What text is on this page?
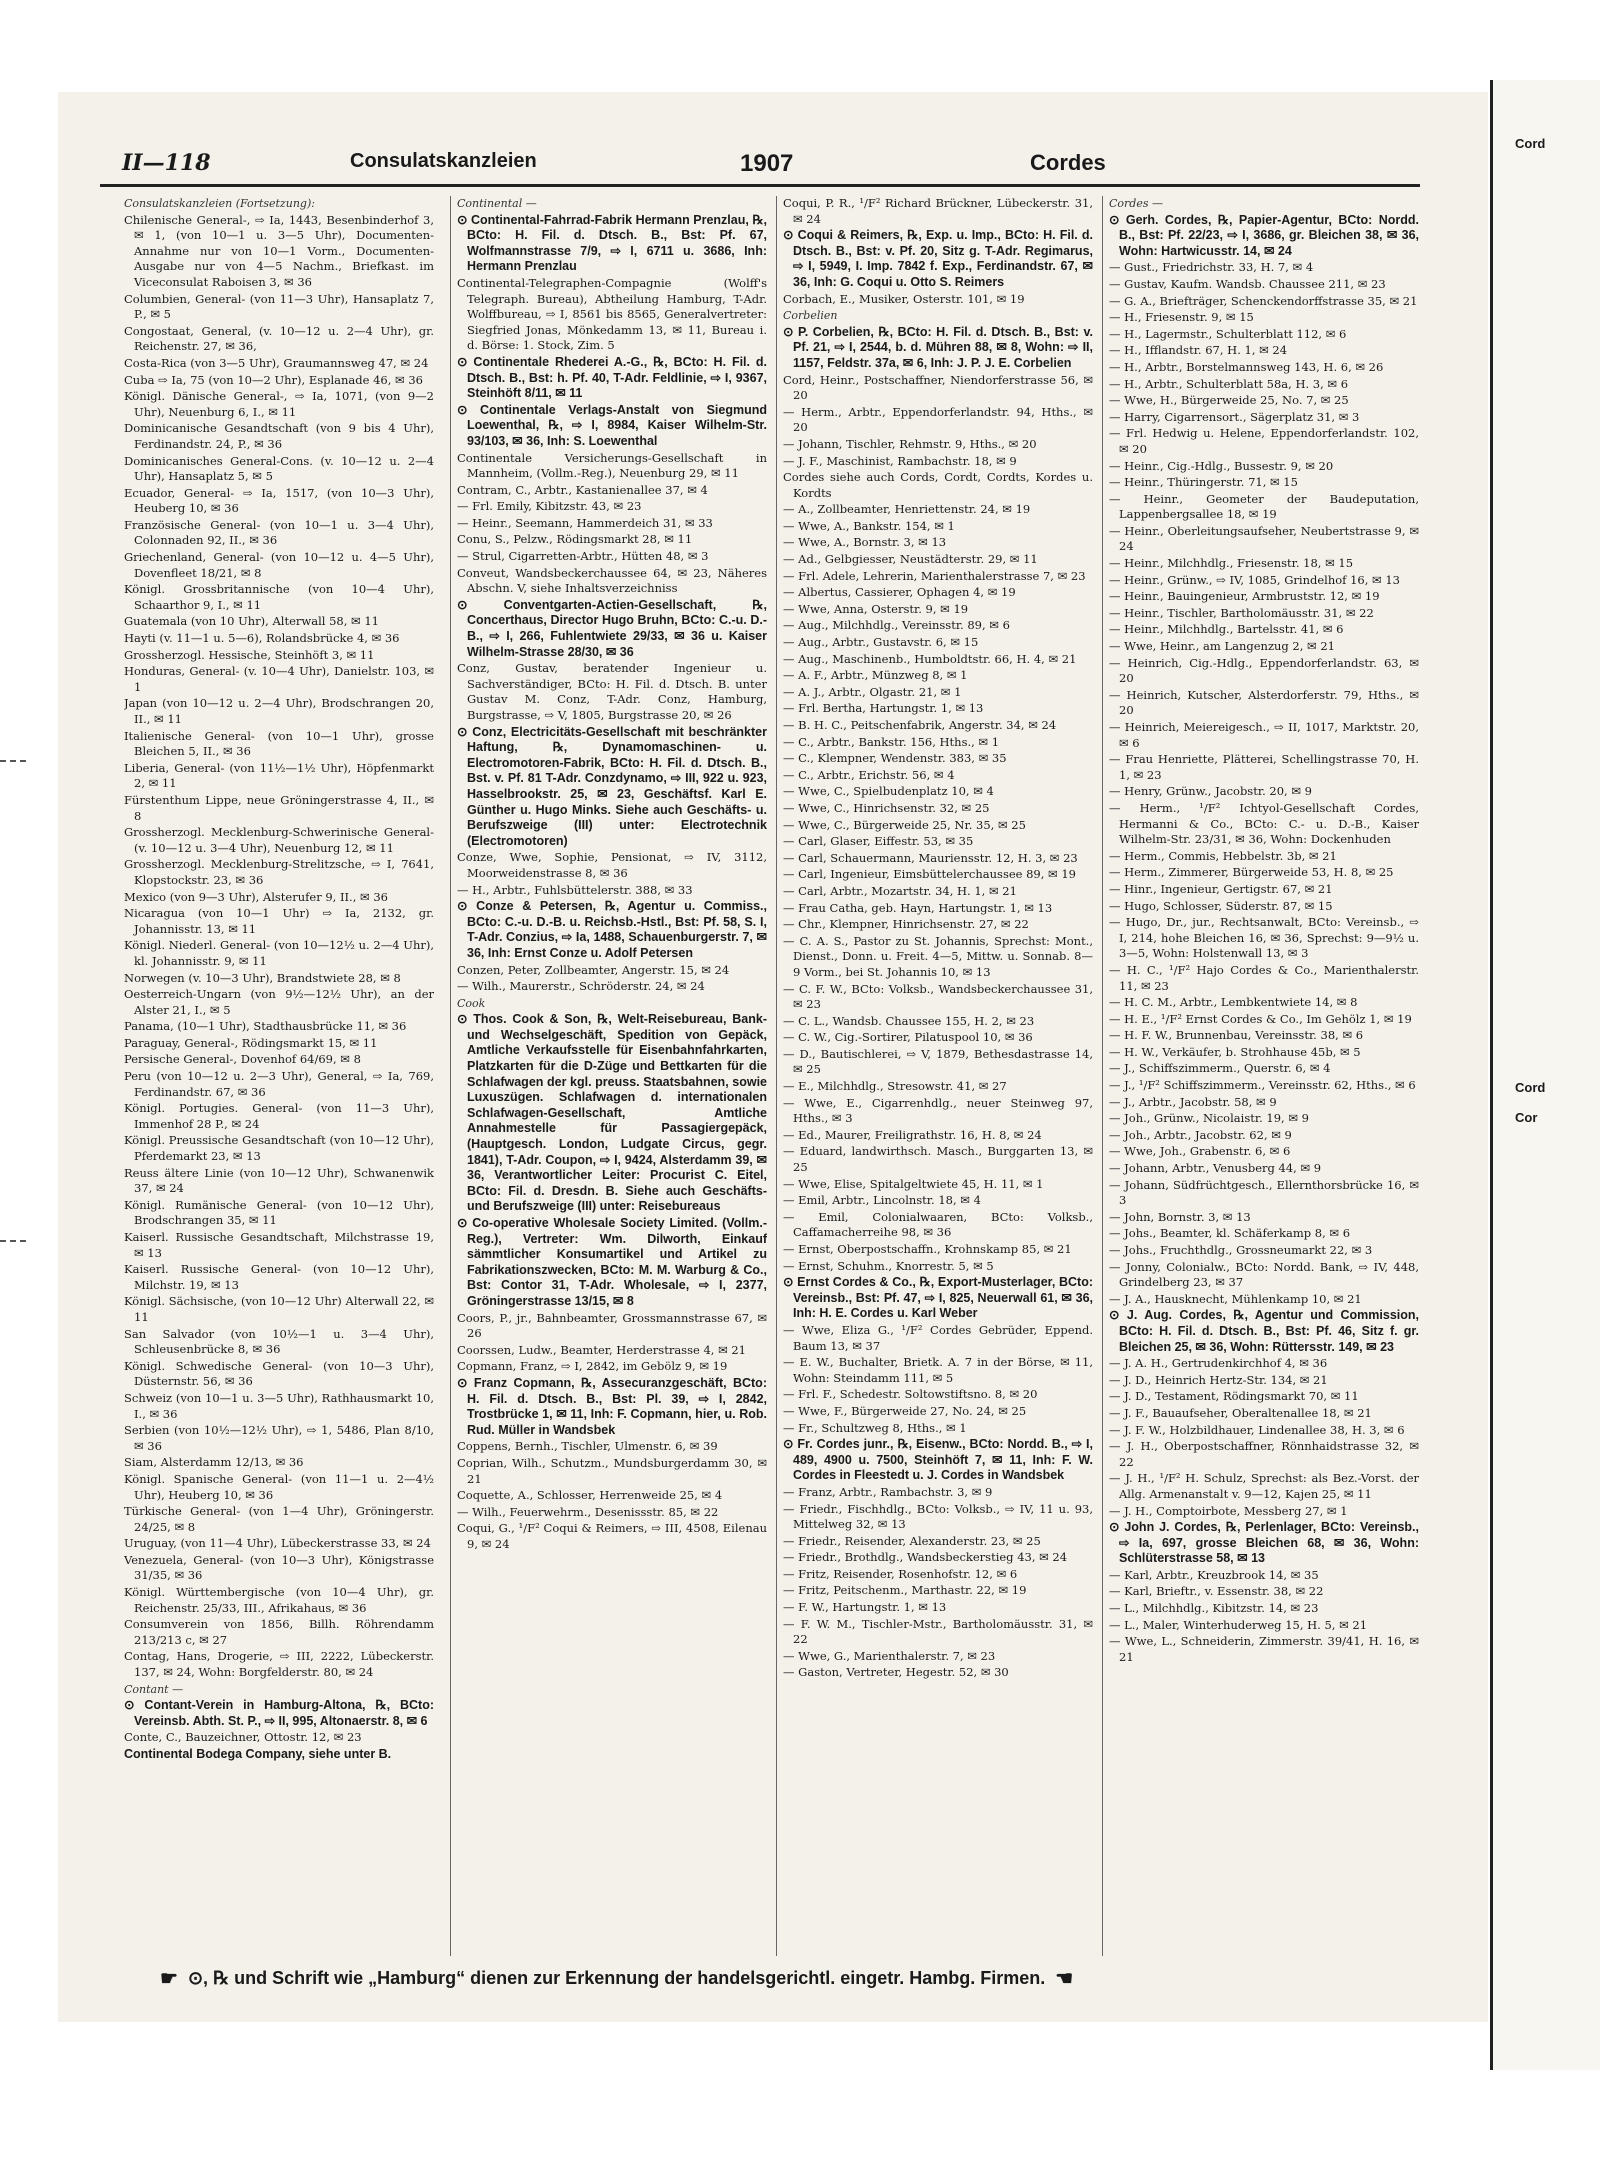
Cord
Cord
Cor
II—118	Consulatskanzleien	1907	Cordes
Consulatskanzleien (Fortsetzung):
Chilenische General-, ⇨ Ia, 1443, Besenbinderhof 3, ✉ 1, (von 10—1 u. 3—5 Uhr), Documenten-Annahme nur von 10—1 Vorm., Documenten-Ausgabe nur von 4—5 Nachm., Briefkast. im Viceconsulat Raboisen 3, ✉ 36
Columbien, General- (von 11—3 Uhr), Hansaplatz 7, P., ✉ 5
Congostaat, General, (v. 10—12 u. 2—4 Uhr), gr. Reichenstr. 27, ✉ 36,
Costa-Rica (von 3—5 Uhr), Graumannsweg 47, ✉ 24
Cuba ⇨ Ia, 75 (von 10—2 Uhr), Esplanade 46, ✉ 36
Königl. Dänische General-, ⇨ Ia, 1071, (von 9—2 Uhr), Neuenburg 6, I., ✉ 11
Dominicanische Gesandtschaft (von 9 bis 4 Uhr), Ferdinandstr. 24, P., ✉ 36
Dominicanisches General-Cons. (v. 10—12 u. 2—4 Uhr), Hansaplatz 5, ✉ 5
Ecuador, General- ⇨ Ia, 1517, (von 10—3 Uhr), Heuberg 10, ✉ 36
Französische General- (von 10—1 u. 3—4 Uhr), Colonnaden 92, II., ✉ 36
Griechenland, General- (von 10—12 u. 4—5 Uhr), Dovenfleet 18/21, ✉ 8
Königl. Grossbritannische (von 10—4 Uhr), Schaarthor 9, I., ✉ 11
Guatemala (von 10 Uhr), Alterwall 58, ✉ 11
Hayti (v. 11—1 u. 5—6), Rolandsbrücke 4, ✉ 36
Grossherzogl. Hessische, Steinhöft 3, ✉ 11
Honduras, General- (v. 10—4 Uhr), Danielstr. 103, ✉ 1
Japan (von 10—12 u. 2—4 Uhr), Brodschrangen 20, II., ✉ 11
Italienische General- (von 10—1 Uhr), grosse Bleichen 5, II., ✉ 36
Liberia, General- (von 11½—1½ Uhr), Höpfenmarkt 2, ✉ 11
Fürstenthum Lippe, neue Gröningerstrasse 4, II., ✉ 8
Grossherzogl. Mecklenburg-Schwerinische General- (v. 10—12 u. 3—4 Uhr), Neuenburg 12, ✉ 11
Grossherzogl. Mecklenburg-Strelitzsche, ⇨ I, 7641, Klopstockstr. 23, ✉ 36
Mexico (von 9—3 Uhr), Alsterufer 9, II., ✉ 36
Nicaragua (von 10—1 Uhr) ⇨ Ia, 2132, gr. Johannisstr. 13, ✉ 11
Königl. Niederl. General- (von 10—12½ u. 2—4 Uhr), kl. Johannisstr. 9, ✉ 11
Norwegen (v. 10—3 Uhr), Brandstwiete 28, ✉ 8
Oesterreich-Ungarn (von 9½—12½ Uhr), an der Alster 21, I., ✉ 5
Panama, (10—1 Uhr), Stadthausbrücke 11, ✉ 36
Paraguay, General-, Rödingsmarkt 15, ✉ 11
Persische General-, Dovenhof 64/69, ✉ 8
Peru (von 10—12 u. 2—3 Uhr), General, ⇨ Ia, 769, Ferdinandstr. 67, ✉ 36
Königl. Portugies. General- (von 11—3 Uhr), Immenhof 28 P., ✉ 24
Königl. Preussische Gesandtschaft (von 10—12 Uhr), Pferdemarkt 23, ✉ 13
Reuss ältere Linie (von 10—12 Uhr), Schwanenwik 37, ✉ 24
Königl. Rumänische General- (von 10—12 Uhr), Brodschrangen 35, ✉ 11
Kaiserl. Russische Gesandtschaft, Milchstrasse 19, ✉ 13
Kaiserl. Russische General- (von 10—12 Uhr), Milchstr. 19, ✉ 13
Königl. Sächsische, (von 10—12 Uhr) Alterwall 22, ✉ 11
San Salvador (von 10½—1 u. 3—4 Uhr), Schleusenbrücke 8, ✉ 36
Königl. Schwedische General- (von 10—3 Uhr), Düsternstr. 56, ✉ 36
Schweiz (von 10—1 u. 3—5 Uhr), Rathhausmarkt 10, I., ✉ 36
Serbien (von 10½—12½ Uhr), ⇨ 1, 5486, Plan 8/10, ✉ 36
Siam, Alsterdamm 12/13, ✉ 36
Königl. Spanische General- (von 11—1 u. 2—4½ Uhr), Heuberg 10, ✉ 36
Türkische General- (von 1—4 Uhr), Gröningerstr. 24/25, ✉ 8
Uruguay, (von 11—4 Uhr), Lübeckerstrasse 33, ✉ 24
Venezuela, General- (von 10—3 Uhr), Königstrasse 31/35, ✉ 36
Königl. Württembergische (von 10—4 Uhr), gr. Reichenstr. 25/33, III., Afrikahaus, ✉ 36
Consumverein von 1856, Billh. Röhrendamm 213/213 c, ✉ 27
Contag, Hans, Drogerie, ⇨ III, 2222, Lübeckerstr. 137, ✉ 24, Wohn: Borgfelderstr. 80, ✉ 24
Contant —
⊙ Contant-Verein in Hamburg-Altona, ℞, BCto: Vereinsb. Abth. St. P., ⇨ II, 995, Altonaerstr. 8, ✉ 6
Conte, C., Bauzeichner, Ottostr. 12, ✉ 23
Continental Bodega Company, siehe unter B.
Continental —
⊙ Continental-Fahrrad-Fabrik Hermann Prenzlau, ℞, BCto: H. Fil. d. Dtsch. B., Bst: Pf. 67, Wolfmannstrasse 7/9, ⇨ I, 6711 u. 3686, Inh: Hermann Prenzlau
Continental-Telegraphen-Compagnie (Wolff's Telegraph. Bureau), Abtheilung Hamburg, T-Adr. Wolffbureau, ⇨ I, 8561 bis 8565, Generalvertreter: Siegfried Jonas, Mönkedamm 13, ✉ 11, Bureau i. d. Börse: 1. Stock, Zim. 5
⊙ Continentale Rhederei A.-G., ℞, BCto: H. Fil. d. Dtsch. B., Bst: h. Pf. 40, T-Adr. Feldlinie, ⇨ I, 9367, Steinhöft 8/11, ✉ 11
⊙ Continentale Verlags-Anstalt von Siegmund Loewenthal, ℞, ⇨ I, 8984, Kaiser Wilhelm-Str. 93/103, ✉ 36, Inh: S. Loewenthal
Continentale Versicherungs-Gesellschaft in Mannheim, (Vollm.-Reg.), Neuenburg 29, ✉ 11
Contram, C., Arbtr., Kastanienallee 37, ✉ 4
— Frl. Emily, Kibitzstr. 43, ✉ 23
— Heinr., Seemann, Hammerdeich 31, ✉ 33
Conu, S., Pelzw., Rödingsmarkt 28, ✉ 11
— Strul, Cigarretten-Arbtr., Hütten 48, ✉ 3
Conveut, Wandsbeckerchaussee 64, ✉ 23, Näheres Abschn. V, siehe Inhaltsverzeichniss
⊙ Conventgarten-Actien-Gesellschaft, ℞, Concerthaus, Director Hugo Bruhn, BCto: C.-u. D.-B., ⇨ I, 266, Fuhlentwiete 29/33, ✉ 36 u. Kaiser Wilhelm-Strasse 28/30, ✉ 36
Conz, Gustav, beratender Ingenieur u. Sachverständiger, BCto: H. Fil. d. Dtsch. B. unter Gustav M. Conz, T-Adr. Conz, Hamburg, Burgstrasse, ⇨ V, 1805, Burgstrasse 20, ✉ 26
⊙ Conz, Electricitäts-Gesellschaft mit beschränkter Haftung, ℞, Dynamomaschinen- u. Electromotoren-Fabrik, BCto: H. Fil. d. Dtsch. B., Bst. v. Pf. 81 T-Adr. Conzdynamo, ⇨ III, 922 u. 923, Hasselbrookstr. 25, ✉ 23, Geschäftsf. Karl E. Günther u. Hugo Minks. Siehe auch Geschäfts- u. Berufszweige (III) unter: Electrotechnik (Electromotoren)
Conze, Wwe, Sophie, Pensionat, ⇨ IV, 3112, Moorweidenstrasse 8, ✉ 36
— H., Arbtr., Fuhlsbüttelerstr. 388, ✉ 33
⊙ Conze & Petersen, ℞, Agentur u. Commiss., BCto: C.-u. D.-B. u. Reichsb.-Hstl., Bst: Pf. 58, S. I, T-Adr. Conzius, ⇨ Ia, 1488, Schauenburgerstr. 7, ✉ 36, Inh: Ernst Conze u. Adolf Petersen
Conzen, Peter, Zollbeamter, Angerstr. 15, ✉ 24
— Wilh., Maurerstr., Schröderstr. 24, ✉ 24
Cook
⊙ Thos. Cook & Son, ℞, Welt-Reisebureau, Bank- und Wechselgeschäft, Spedition von Gepäck, Amtliche Verkaufsstelle für Eisenbahnfahrkarten, Platzkarten für die D-Züge und Bettkarten für die Schlafwagen der kgl. preuss. Staatsbahnen, sowie Luxuszügen. Schlafwagen d. internationalen Schlafwagen-Gesellschaft, Amtliche Annahmestelle für Passagiergepäck, (Hauptgesch. London, Ludgate Circus, gegr. 1841), T-Adr. Coupon, ⇨ I, 9424, Alsterdamm 39, ✉ 36, Verantwortlicher Leiter: Procurist C. Eitel, BCto: Fil. d. Dresdn. B. Siehe auch Geschäfts- und Berufszweige (III) unter: Reisebureaus
⊙ Co-operative Wholesale Society Limited. (Vollm.-Reg.), Vertreter: Wm. Dilworth, Einkauf sämmtlicher Konsumartikel und Artikel zu Fabrikationszwecken, BCto: M. M. Warburg & Co., Bst: Contor 31, T-Adr. Wholesale, ⇨ I, 2377, Gröningerstrasse 13/15, ✉ 8
Coors, P., jr., Bahnbeamter, Grossmannstrasse 67, ✉ 26
Coorssen, Ludw., Beamter, Herderstrasse 4, ✉ 21
Copmann, Franz, ⇨ I, 2842, im Gebölz 9, ✉ 19
⊙ Franz Copmann, ℞, Assecuranzgeschäft, BCto: H. Fil. d. Dtsch. B., Bst: Pl. 39, ⇨ I, 2842, Trostbrücke 1, ✉ 11, Inh: F. Copmann, hier, u. Rob. Rud. Müller in Wandsbek
Coppens, Bernh., Tischler, Ulmenstr. 6, ✉ 39
Coprian, Wilh., Schutzm., Mundsburgerdamm 30, ✉ 21
Coquette, A., Schlosser, Herrenweide 25, ✉ 4
— Wilh., Feuerwehrm., Desenissstr. 85, ✉ 22
Coqui, G., ¹/F² Coqui & Reimers, ⇨ III, 4508, Eilenau 9, ✉ 24
Coqui, P. R., ¹/F² Richard Brückner, Lübeckerstr. 31, ✉ 24
⊙ Coqui & Reimers, ℞, Exp. u. Imp., BCto: H. Fil. d. Dtsch. B., Bst: v. Pf. 20, Sitz g. T-Adr. Regimarus, ⇨ I, 5949, I. Imp. 7842 f. Exp., Ferdinandstr. 67, ✉ 36, Inh: G. Coqui u. Otto S. Reimers
Corbach, E., Musiker, Osterstr. 101, ✉ 19
Corbelien
⊙ P. Corbelien, ℞, BCto: H. Fil. d. Dtsch. B., Bst: v. Pf. 21, ⇨ I, 2544, b. d. Mühren 88, ✉ 8, Wohn: ⇨ II, 1157, Feldstr. 37a, ✉ 6, Inh: J. P. J. E. Corbelien
Cord, Heinr., Postschaffner, Niendorferstrasse 56, ✉ 20
— Herm., Arbtr., Eppendorferlandstr. 94, Hths., ✉ 20
— Johann, Tischler, Rehmstr. 9, Hths., ✉ 20
— J. F., Maschinist, Rambachstr. 18, ✉ 9
Cordes siehe auch Cords, Cordt, Cordts, Kordes u. Kordts
— A., Zollbeamter, Henriettenstr. 24, ✉ 19
— Wwe, A., Bankstr. 154, ✉ 1
— Wwe, A., Bornstr. 3, ✉ 13
— Ad., Gelbgiesser, Neustädterstr. 29, ✉ 11
— Frl. Adele, Lehrerin, Marienthalerstrasse 7, ✉ 23
— Albertus, Cassierer, Ophagen 4, ✉ 19
— Wwe, Anna, Osterstr. 9, ✉ 19
— Aug., Milchhdlg., Vereinsstr. 89, ✉ 6
— Aug., Arbtr., Gustavstr. 6, ✉ 15
— Aug., Maschinenb., Humboldtstr. 66, H. 4, ✉ 21
— A. F., Arbtr., Münzweg 8, ✉ 1
— A. J., Arbtr., Olgastr. 21, ✉ 1
— Frl. Bertha, Hartungstr. 1, ✉ 13
— B. H. C., Peitschenfabrik, Angerstr. 34, ✉ 24
— C., Arbtr., Bankstr. 156, Hths., ✉ 1
— C., Klempner, Wendenstr. 383, ✉ 35
— C., Arbtr., Erichstr. 56, ✉ 4
— Wwe, C., Spielbudenplatz 10, ✉ 4
— Wwe, C., Hinrichsenstr. 32, ✉ 25
— Wwe, C., Bürgerweide 25, Nr. 35, ✉ 25
— Carl, Glaser, Eiffestr. 53, ✉ 35
— Carl, Schauermann, Mauriensstr. 12, H. 3, ✉ 23
— Carl, Ingenieur, Eimsbüttelerchaussee 89, ✉ 19
— Carl, Arbtr., Mozartstr. 34, H. 1, ✉ 21
— Frau Catha, geb. Hayn, Hartungstr. 1, ✉ 13
— Chr., Klempner, Hinrichsenstr. 27, ✉ 22
— C. A. S., Pastor zu St. Johannis, Sprechst: Mont., Dienst., Donn. u. Freit. 4—5, Mittw. u. Sonnab. 8—9 Vorm., bei St. Johannis 10, ✉ 13
— C. F. W., BCto: Volksb., Wandsbeckerchaussee 31, ✉ 23
— C. L., Wandsb. Chaussee 155, H. 2, ✉ 23
— C. W., Cig.-Sortirer, Pilatuspool 10, ✉ 36
— D., Bautischlerei, ⇨ V, 1879, Bethesdastrasse 14, ✉ 25
— E., Milchhdlg., Stresowstr. 41, ✉ 27
— Wwe, E., Cigarrenhdlg., neuer Steinweg 97, Hths., ✉ 3
— Ed., Maurer, Freiligrathstr. 16, H. 8, ✉ 24
— Eduard, landwirthsch. Masch., Burggarten 13, ✉ 25
— Wwe, Elise, Spitalgeltwiete 45, H. 11, ✉ 1
— Emil, Arbtr., Lincolnstr. 18, ✉ 4
— Emil, Colonialwaaren, BCto: Volksb., Caffamacherreihe 98, ✉ 36
— Ernst, Oberpostschaffn., Krohnskamp 85, ✉ 21
— Ernst, Schuhm., Knorrestr. 5, ✉ 5
⊙ Ernst Cordes & Co., ℞, Export-Musterlager, BCto: Vereinsb., Bst: Pf. 47, ⇨ I, 825, Neuerwall 61, ✉ 36, Inh: H. E. Cordes u. Karl Weber
— Wwe, Eliza G., ¹/F² Cordes Gebrüder, Eppend. Baum 13, ✉ 37
— E. W., Buchalter, Brietk. A. 7 in der Börse, ✉ 11, Wohn: Steindamm 111, ✉ 5
— Frl. F., Schedestr. Soltowstiftsno. 8, ✉ 20
— Wwe, F., Bürgerweide 27, No. 24, ✉ 25
— Fr., Schultzweg 8, Hths., ✉ 1
⊙ Fr. Cordes junr., ℞, Eisenw., BCto: Nordd. B., ⇨ I, 489, 4900 u. 7500, Steinhöft 7, ✉ 11, Inh: F. W. Cordes in Fleestedt u. J. Cordes in Wandsbek
— Franz, Arbtr., Rambachstr. 3, ✉ 9
— Friedr., Fischhdlg., BCto: Volksb., ⇨ IV, 11 u. 93, Mittelweg 32, ✉ 13
— Friedr., Reisender, Alexanderstr. 23, ✉ 25
— Friedr., Brothdlg., Wandsbeckerstieg 43, ✉ 24
— Fritz, Reisender, Rosenhofstr. 12, ✉ 6
— Fritz, Peitschenm., Marthastr. 22, ✉ 19
— F. W., Hartungstr. 1, ✉ 13
— F. W. M., Tischler-Mstr., Bartholomäusstr. 31, ✉ 22
— Wwe, G., Marienthalerstr. 7, ✉ 23
— Gaston, Vertreter, Hegestr. 52, ✉ 30
Cordes —
⊙ Gerh. Cordes, ℞, Papier-Agentur, BCto: Nordd. B., Bst: Pf. 22/23, ⇨ I, 3686, gr. Bleichen 38, ✉ 36, Wohn: Hartwicusstr. 14, ✉ 24
— Gust., Friedrichstr. 33, H. 7, ✉ 4
— Gustav, Kaufm. Wandsb. Chaussee 211, ✉ 23
— G. A., Briefträger, Schenckendorffstrasse 35, ✉ 21
— H., Friesenstr. 9, ✉ 15
— H., Lagermstr., Schulterblatt 112, ✉ 6
— H., Ifflandstr. 67, H. 1, ✉ 24
— H., Arbtr., Borstelmannsweg 143, H. 6, ✉ 26
— H., Arbtr., Schulterblatt 58a, H. 3, ✉ 6
— Wwe, H., Bürgerweide 25, No. 7, ✉ 25
— Harry, Cigarrensort., Sägerplatz 31, ✉ 3
— Frl. Hedwig u. Helene, Eppendorferlandstr. 102, ✉ 20
— Heinr., Cig.-Hdlg., Bussestr. 9, ✉ 20
— Heinr., Thüringerstr. 71, ✉ 15
— Heinr., Geometer der Baudeputation, Lappenbergsallee 18, ✉ 19
— Heinr., Oberleitungsaufseher, Neubertstrasse 9, ✉ 24
— Heinr., Milchhdlg., Friesenstr. 18, ✉ 15
— Heinr., Grünw., ⇨ IV, 1085, Grindelhof 16, ✉ 13
— Heinr., Bauingenieur, Armbruststr. 12, ✉ 19
— Heinr., Tischler, Bartholomäusstr. 31, ✉ 22
— Heinr., Milchhdlg., Bartelsstr. 41, ✉ 6
— Wwe, Heinr., am Langenzug 2, ✉ 21
— Heinrich, Cig.-Hdlg., Eppendorferlandstr. 63, ✉ 20
— Heinrich, Kutscher, Alsterdorferstr. 79, Hths., ✉ 20
— Heinrich, Meiereigesch., ⇨ II, 1017, Marktstr. 20, ✉ 6
— Frau Henriette, Plätterei, Schellingstrasse 70, H. 1, ✉ 23
— Henry, Grünw., Jacobstr. 20, ✉ 9
— Herm., ¹/F² Ichtyol-Gesellschaft Cordes, Hermanni & Co., BCto: C.- u. D.-B., Kaiser Wilhelm-Str. 23/31, ✉ 36, Wohn: Dockenhuden
— Herm., Commis, Hebbelstr. 3b, ✉ 21
— Herm., Zimmerer, Bürgerweide 53, H. 8, ✉ 25
— Hinr., Ingenieur, Gertigstr. 67, ✉ 21
— Hugo, Schlosser, Süderstr. 87, ✉ 15
— Hugo, Dr., jur., Rechtsanwalt, BCto: Vereinsb., ⇨ I, 214, hohe Bleichen 16, ✉ 36, Sprechst: 9—9½ u. 3—5, Wohn: Holstenwall 13, ✉ 3
— H. C., ¹/F² Hajo Cordes & Co., Marienthalerstr. 11, ✉ 23
— H. C. M., Arbtr., Lembkentwiete 14, ✉ 8
— H. E., ¹/F² Ernst Cordes & Co., Im Gehölz 1, ✉ 19
— H. F. W., Brunnenbau, Vereinsstr. 38, ✉ 6
— H. W., Verkäufer, b. Strohhause 45b, ✉ 5
— J., Schiffszimmerm., Querstr. 6, ✉ 4
— J., ¹/F² Schiffszimmerm., Vereinsstr. 62, Hths., ✉ 6
— J., Arbtr., Jacobstr. 58, ✉ 9
— Joh., Grünw., Nicolaistr. 19, ✉ 9
— Joh., Arbtr., Jacobstr. 62, ✉ 9
— Wwe, Joh., Grabenstr. 6, ✉ 6
— Johann, Arbtr., Venusberg 44, ✉ 9
— Johann, Südfrüchtgesch., Ellernthorsbrücke 16, ✉ 3
— John, Bornstr. 3, ✉ 13
— Johs., Beamter, kl. Schäferkamp 8, ✉ 6
— Johs., Fruchthdlg., Grossneumarkt 22, ✉ 3
— Jonny, Colonialw., BCto: Nordd. Bank, ⇨ IV, 448, Grindelberg 23, ✉ 37
— J. A., Hausknecht, Mühlenkamp 10, ✉ 21
⊙ J. Aug. Cordes, ℞, Agentur und Commission, BCto: H. Fil. d. Dtsch. B., Bst: Pf. 46, Sitz f. gr. Bleichen 25, ✉ 36, Wohn: Rüttersstr. 149, ✉ 23
— J. A. H., Gertrudenkirchhof 4, ✉ 36
— J. D., Heinrich Hertz-Str. 134, ✉ 21
— J. D., Testament, Rödingsmarkt 70, ✉ 11
— J. F., Bauaufseher, Oberaltenallee 18, ✉ 21
— J. F. W., Holzbildhauer, Lindenallee 38, H. 3, ✉ 6
— J. H., Oberpostschaffner, Rönnhaidstrasse 32, ✉ 22
— J. H., ¹/F² H. Schulz, Sprechst: als Bez.-Vorst. der Allg. Armenanstalt v. 9—12, Kajen 25, ✉ 11
— J. H., Comptoirbote, Messberg 27, ✉ 1
⊙ John J. Cordes, ℞, Perlenlager, BCto: Vereinsb., ⇨ Ia, 697, grosse Bleichen 68, ✉ 36, Wohn: Schlüterstrasse 58, ✉ 13
— Karl, Arbtr., Kreuzbrook 14, ✉ 35
— Karl, Brieftr., v. Essenstr. 38, ✉ 22
— L., Milchhdlg., Kibitzstr. 14, ✉ 23
— L., Maler, Winterhuderweg 15, H. 5, ✉ 21
— Wwe, L., Schneiderin, Zimmerstr. 39/41, H. 16, ✉ 21
☛ ⊙, ℞ und Schrift wie „Hamburg“ dienen zur Erkennung der handelsgerichtl. eingetr. Hambg. Firmen. ☚
